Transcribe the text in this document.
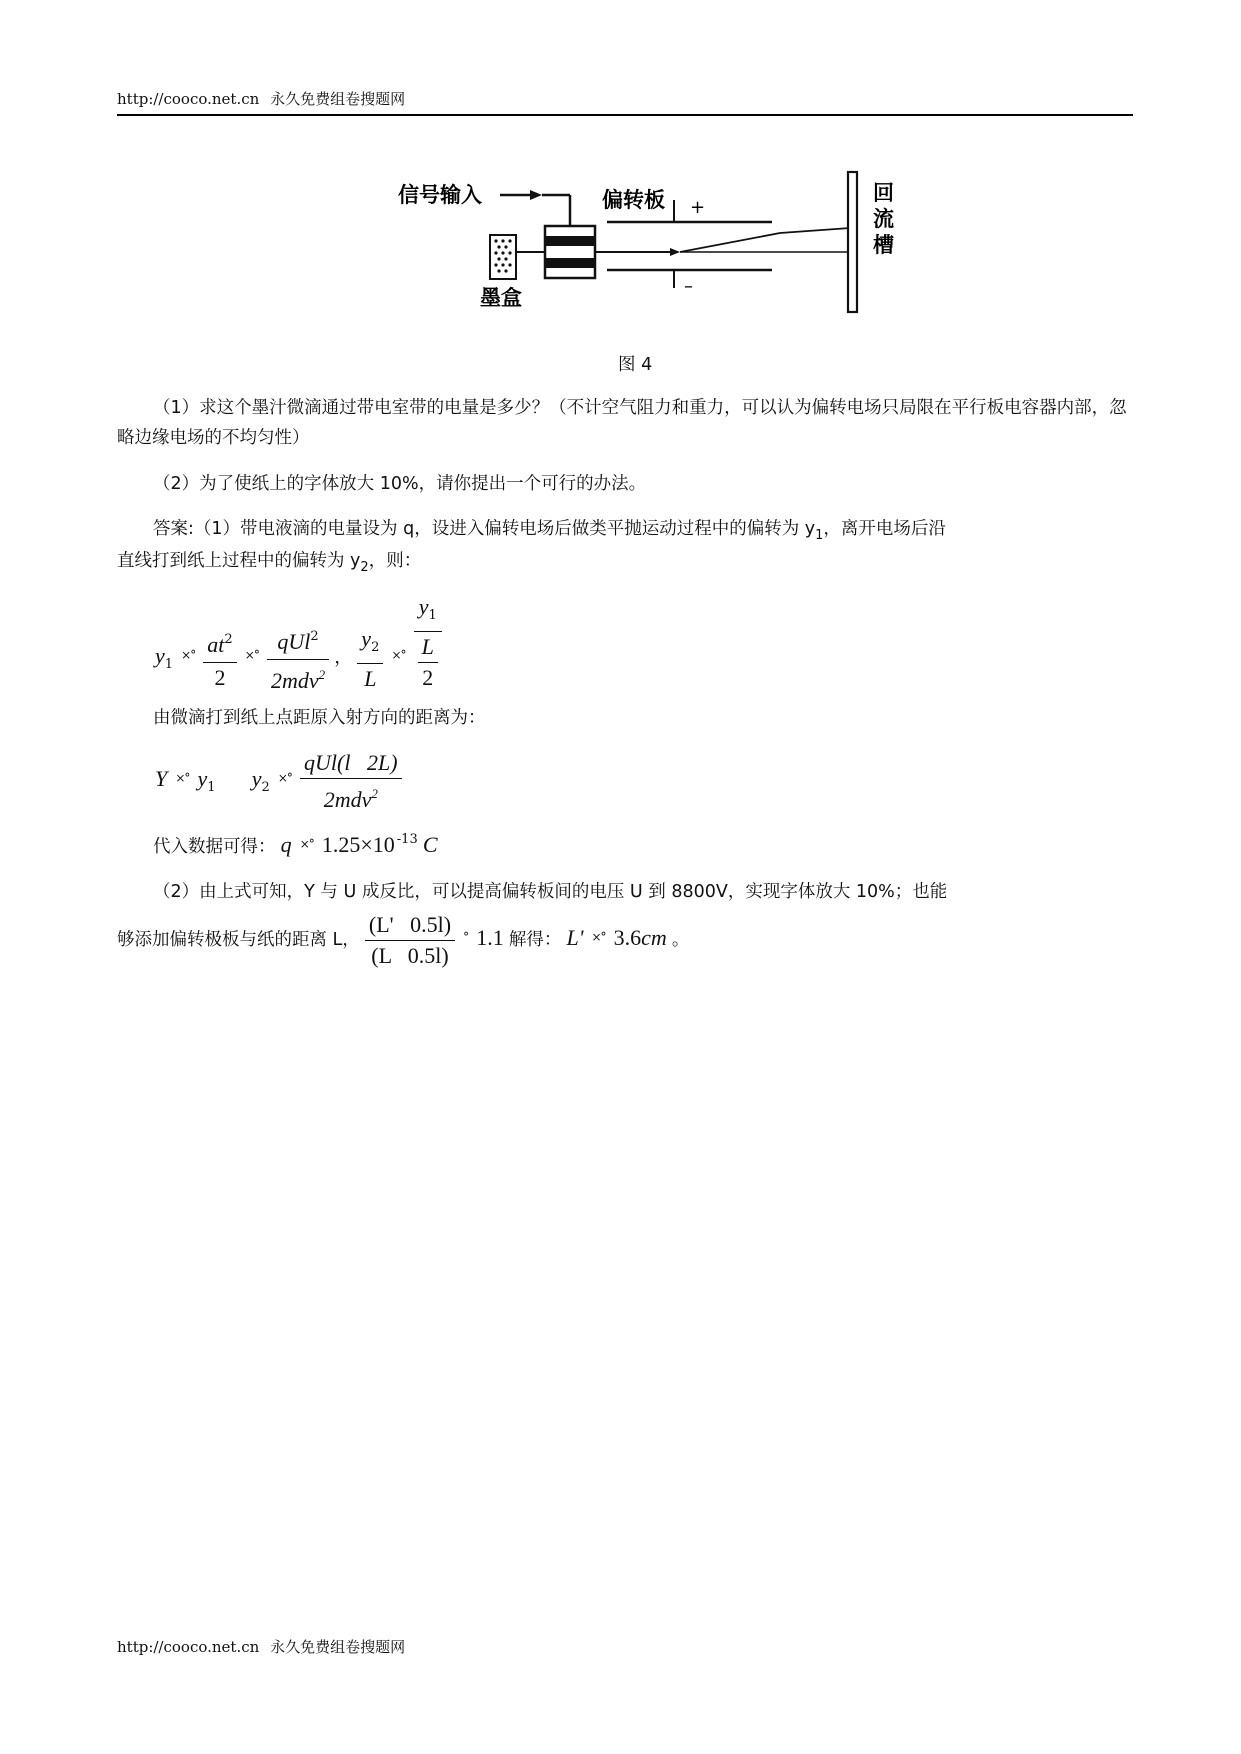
http://cooco.net.cn 永久免费组卷搜题网
信号输入
墨盒
偏转板 +
–
回
流
槽
图 4
（1）求这个墨汁微滴通过带电室带的电量是多少？（不计空气阻力和重力，可以认为偏转电场只局限在平行板电容器内部，忽略边缘电场的不均匀性）
（2）为了使纸上的字体放大 10%，请你提出一个可行的办法。
答案:（1）带电液滴的电量设为 q，设进入偏转电场后做类平抛运动过程中的偏转为 $y_1$，离开电场后沿
直线打到纸上过程中的偏转为 $y_2$，则：
$y_1$ $^{\times^\circ} \frac{at^2}{2} ^{\times^\circ} \frac{qUl^2}{2mdv^2}$ ， $\frac{y_2}{L} ^{\times^\circ} \frac{y_1}{\frac{L}{2}}$
由微滴打到纸上点距原入射方向的距离为：
Y ×° $y_1$ $y_2$ $^{\times^\circ} \frac{\text{qUl(l   2L)}}{2mdv^2}$
代入数据可得： q ×° 1.25×10 $^{-13}$ C
（2）由上式可知，Y 与 U 成反比，可以提高偏转板间的电压 U 到 8800V，实现字体放大 10%；也能
够添加偏转极板与纸的距离 L， $\frac{(L' 0.5l)}{(L 0.5l)} ^\circ$ 1.1 解得： L' ×° 3.6cm 。
http://cooco.net.cn 永久免费组卷搜题网
